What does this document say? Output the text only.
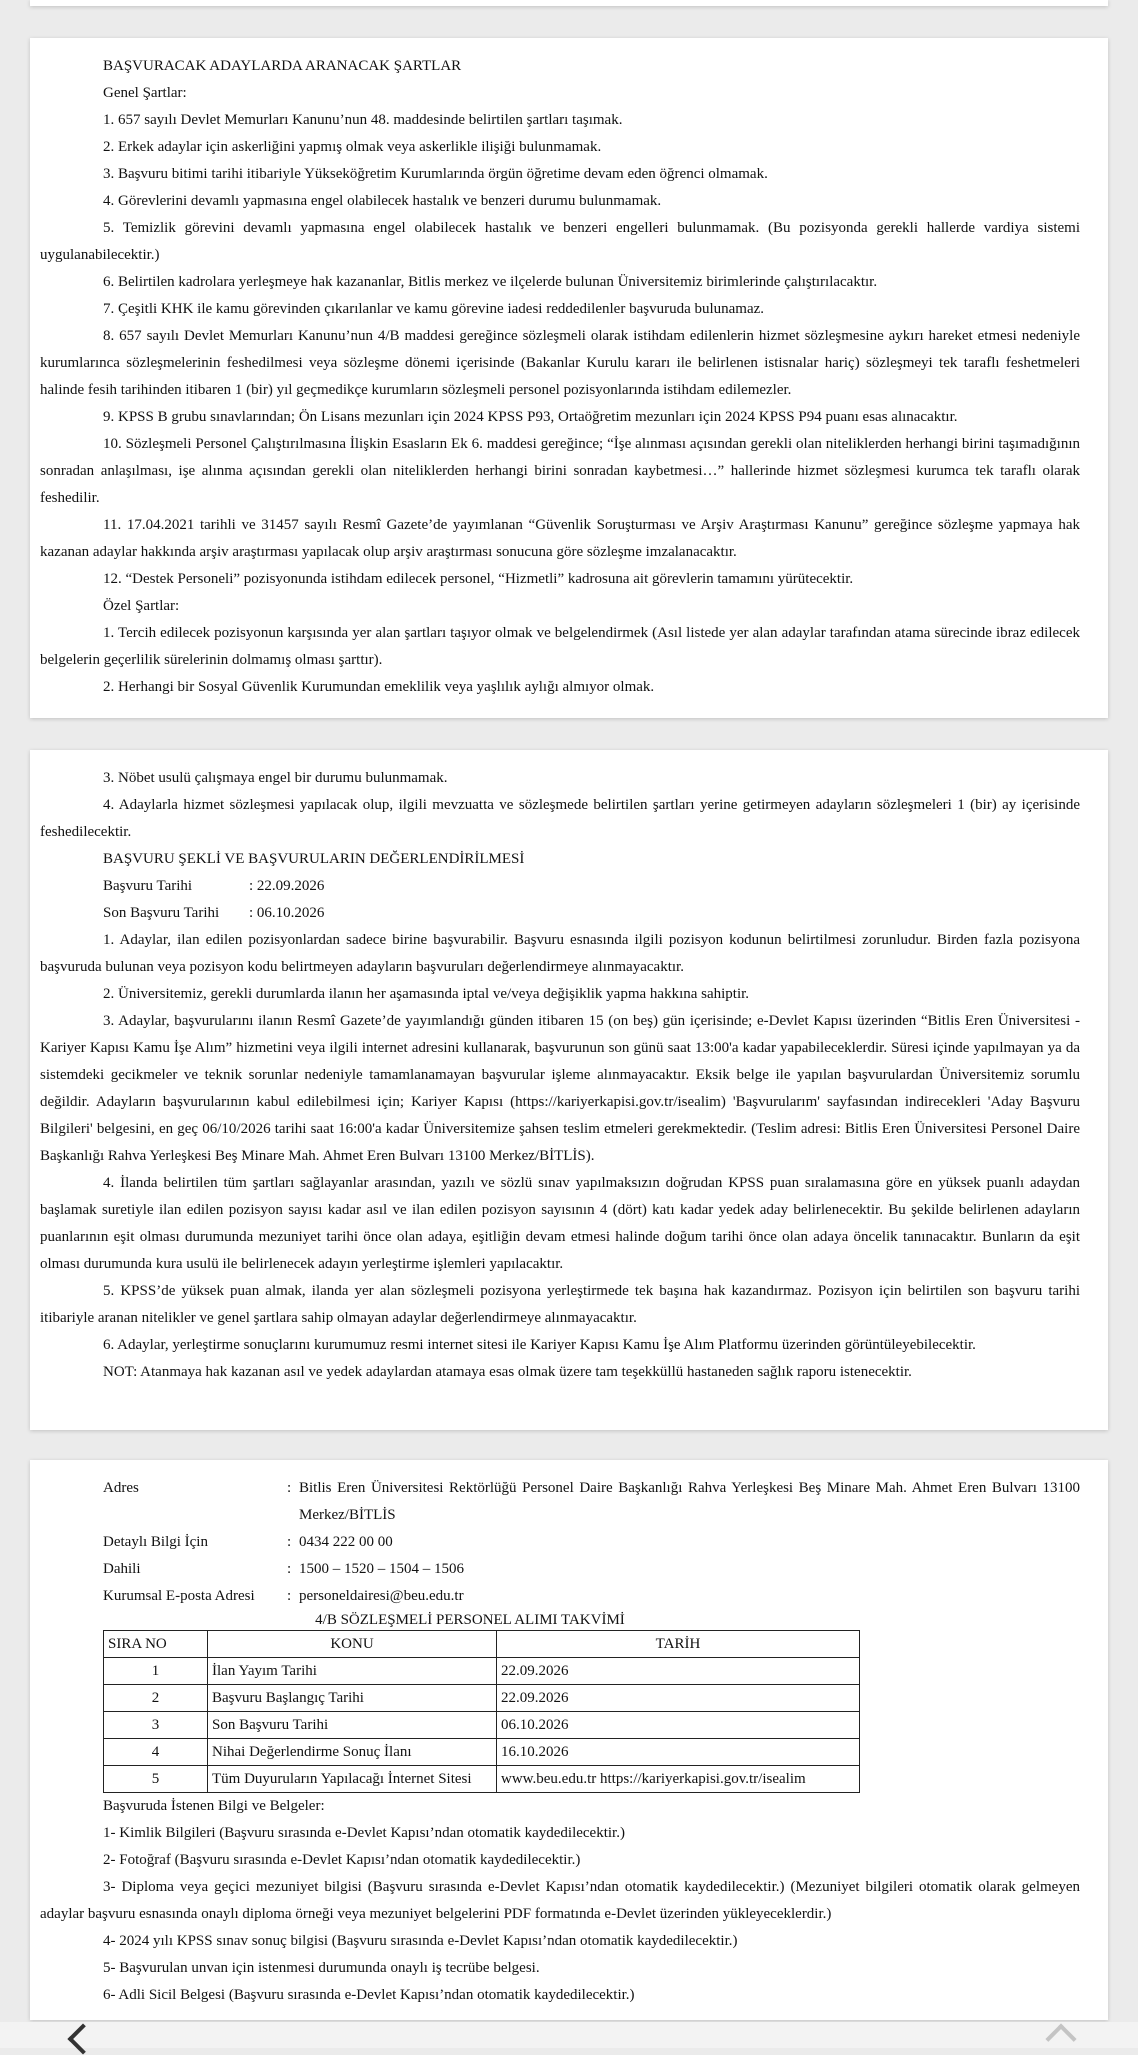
BAŞVURACAK ADAYLARDA ARANACAK ŞARTLAR
Genel Şartlar:
1. 657 sayılı Devlet Memurları Kanunu’nun 48. maddesinde belirtilen şartları taşımak.
2. Erkek adaylar için askerliğini yapmış olmak veya askerlikle ilişiği bulunmamak.
3. Başvuru bitimi tarihi itibariyle Yükseköğretim Kurumlarında örgün öğretime devam eden öğrenci olmamak.
4. Görevlerini devamlı yapmasına engel olabilecek hastalık ve benzeri durumu bulunmamak.
5. Temizlik görevini devamlı yapmasına engel olabilecek hastalık ve benzeri engelleri bulunmamak. (Bu pozisyonda gerekli hallerde vardiya sistemi uygulanabilecektir.)
6. Belirtilen kadrolara yerleşmeye hak kazananlar, Bitlis merkez ve ilçelerde bulunan Üniversitemiz birimlerinde çalıştırılacaktır.
7. Çeşitli KHK ile kamu görevinden çıkarılanlar ve kamu görevine iadesi reddedilenler başvuruda bulunamaz.
8. 657 sayılı Devlet Memurları Kanunu’nun 4/B maddesi gereğince sözleşmeli olarak istihdam edilenlerin hizmet sözleşmesine aykırı hareket etmesi nedeniyle kurumlarınca sözleşmelerinin feshedilmesi veya sözleşme dönemi içerisinde (Bakanlar Kurulu kararı ile belirlenen istisnalar hariç) sözleşmeyi tek taraflı feshetmeleri halinde fesih tarihinden itibaren 1 (bir) yıl geçmedikçe kurumların sözleşmeli personel pozisyonlarında istihdam edilemezler.
9. KPSS B grubu sınavlarından; Ön Lisans mezunları için 2024 KPSS P93, Ortaöğretim mezunları için 2024 KPSS P94 puanı esas alınacaktır.
10. Sözleşmeli Personel Çalıştırılmasına İlişkin Esasların Ek 6. maddesi gereğince; “İşe alınması açısından gerekli olan niteliklerden herhangi birini taşımadığının sonradan anlaşılması, işe alınma açısından gerekli olan niteliklerden herhangi birini sonradan kaybetmesi…” hallerinde hizmet sözleşmesi kurumca tek taraflı olarak feshedilir.
11. 17.04.2021 tarihli ve 31457 sayılı Resmî Gazete’de yayımlanan “Güvenlik Soruşturması ve Arşiv Araştırması Kanunu” gereğince sözleşme yapmaya hak kazanan adaylar hakkında arşiv araştırması yapılacak olup arşiv araştırması sonucuna göre sözleşme imzalanacaktır.
12. “Destek Personeli” pozisyonunda istihdam edilecek personel, “Hizmetli” kadrosuna ait görevlerin tamamını yürütecektir.
Özel Şartlar:
1. Tercih edilecek pozisyonun karşısında yer alan şartları taşıyor olmak ve belgelendirmek (Asıl listede yer alan adaylar tarafından atama sürecinde ibraz edilecek belgelerin geçerlilik sürelerinin dolmamış olması şarttır).
2. Herhangi bir Sosyal Güvenlik Kurumundan emeklilik veya yaşlılık aylığı almıyor olmak.
3. Nöbet usulü çalışmaya engel bir durumu bulunmamak.
4. Adaylarla hizmet sözleşmesi yapılacak olup, ilgili mevzuatta ve sözleşmede belirtilen şartları yerine getirmeyen adayların sözleşmeleri 1 (bir) ay içerisinde feshedilecektir.
BAŞVURU ŞEKLİ VE BAŞVURULARIN DEĞERLENDİRİLMESİ
Başvuru Tarihi	: 22.09.2026
Son Başvuru Tarihi : 06.10.2026
1. Adaylar, ilan edilen pozisyonlardan sadece birine başvurabilir. Başvuru esnasında ilgili pozisyon kodunun belirtilmesi zorunludur. Birden fazla pozisyona başvuruda bulunan veya pozisyon kodu belirtmeyen adayların başvuruları değerlendirmeye alınmayacaktır.
2. Üniversitemiz, gerekli durumlarda ilanın her aşamasında iptal ve/veya değişiklik yapma hakkına sahiptir.
3. Adaylar, başvurularını ilanın Resmî Gazete’de yayımlandığı günden itibaren 15 (on beş) gün içerisinde; e-Devlet Kapısı üzerinden “Bitlis Eren Üniversitesi - Kariyer Kapısı Kamu İşe Alım” hizmetini veya ilgili internet adresini kullanarak, başvurunun son günü saat 13:00'a kadar yapabileceklerdir. Süresi içinde yapılmayan ya da sistemdeki gecikmeler ve teknik sorunlar nedeniyle tamamlanamayan başvurular işleme alınmayacaktır. Eksik belge ile yapılan başvurulardan Üniversitemiz sorumlu değildir. Adayların başvurularının kabul edilebilmesi için; Kariyer Kapısı (https://kariyerkapisi.gov.tr/isealim) 'Başvurularım' sayfasından indirecekleri 'Aday Başvuru Bilgileri' belgesini, en geç 06/10/2026 tarihi saat 16:00'a kadar Üniversitemize şahsen teslim etmeleri gerekmektedir. (Teslim adresi: Bitlis Eren Üniversitesi Personel Daire Başkanlığı Rahva Yerleşkesi Beş Minare Mah. Ahmet Eren Bulvarı 13100 Merkez/BİTLİS).
4. İlanda belirtilen tüm şartları sağlayanlar arasından, yazılı ve sözlü sınav yapılmaksızın doğrudan KPSS puan sıralamasına göre en yüksek puanlı adaydan başlamak suretiyle ilan edilen pozisyon sayısı kadar asıl ve ilan edilen pozisyon sayısının 4 (dört) katı kadar yedek aday belirlenecektir. Bu şekilde belirlenen adayların puanlarının eşit olması durumunda mezuniyet tarihi önce olan adaya, eşitliğin devam etmesi halinde doğum tarihi önce olan adaya öncelik tanınacaktır. Bunların da eşit olması durumunda kura usulü ile belirlenecek adayın yerleştirme işlemleri yapılacaktır.
5. KPSS’de yüksek puan almak, ilanda yer alan sözleşmeli pozisyona yerleştirmede tek başına hak kazandırmaz. Pozisyon için belirtilen son başvuru tarihi itibariyle aranan nitelikler ve genel şartlara sahip olmayan adaylar değerlendirmeye alınmayacaktır.
6. Adaylar, yerleştirme sonuçlarını kurumumuz resmi internet sitesi ile Kariyer Kapısı Kamu İşe Alım Platformu üzerinden görüntüleyebilecektir.
NOT: Atanmaya hak kazanan asıl ve yedek adaylardan atamaya esas olmak üzere tam teşekküllü hastaneden sağlık raporu istenecektir.
Adres	: Bitlis Eren Üniversitesi Rektörlüğü Personel Daire Başkanlığı Rahva Yerleşkesi Beş Minare Mah. Ahmet Eren Bulvarı 13100 Merkez/BİTLİS
Detaylı Bilgi İçin	: 0434 222 00 00
Dahili	: 1500 – 1520 – 1504 – 1506
Kurumsal E-posta Adresi	: personeldairesi@beu.edu.tr
4/B SÖZLEŞMELİ PERSONEL ALIMI TAKVİMİ
SIRA NO	KONU	TARİH
1	İlan Yayım Tarihi	22.09.2026
2	Başvuru Başlangıç Tarihi	22.09.2026
3	Son Başvuru Tarihi	06.10.2026
4	Nihai Değerlendirme Sonuç İlanı	16.10.2026
5	Tüm Duyuruların Yapılacağı İnternet Sitesi	www.beu.edu.tr https://kariyerkapisi.gov.tr/isealim
Başvuruda İstenen Bilgi ve Belgeler:
1- Kimlik Bilgileri (Başvuru sırasında e-Devlet Kapısı’ndan otomatik kaydedilecektir.)
2- Fotoğraf (Başvuru sırasında e-Devlet Kapısı’ndan otomatik kaydedilecektir.)
3- Diploma veya geçici mezuniyet bilgisi (Başvuru sırasında e-Devlet Kapısı’ndan otomatik kaydedilecektir.) (Mezuniyet bilgileri otomatik olarak gelmeyen adaylar başvuru esnasında onaylı diploma örneği veya mezuniyet belgelerini PDF formatında e-Devlet üzerinden yükleyeceklerdir.)
4- 2024 yılı KPSS sınav sonuç bilgisi (Başvuru sırasında e-Devlet Kapısı’ndan otomatik kaydedilecektir.)
5- Başvurulan unvan için istenmesi durumunda onaylı iş tecrübe belgesi.
6- Adli Sicil Belgesi (Başvuru sırasında e-Devlet Kapısı’ndan otomatik kaydedilecektir.)
